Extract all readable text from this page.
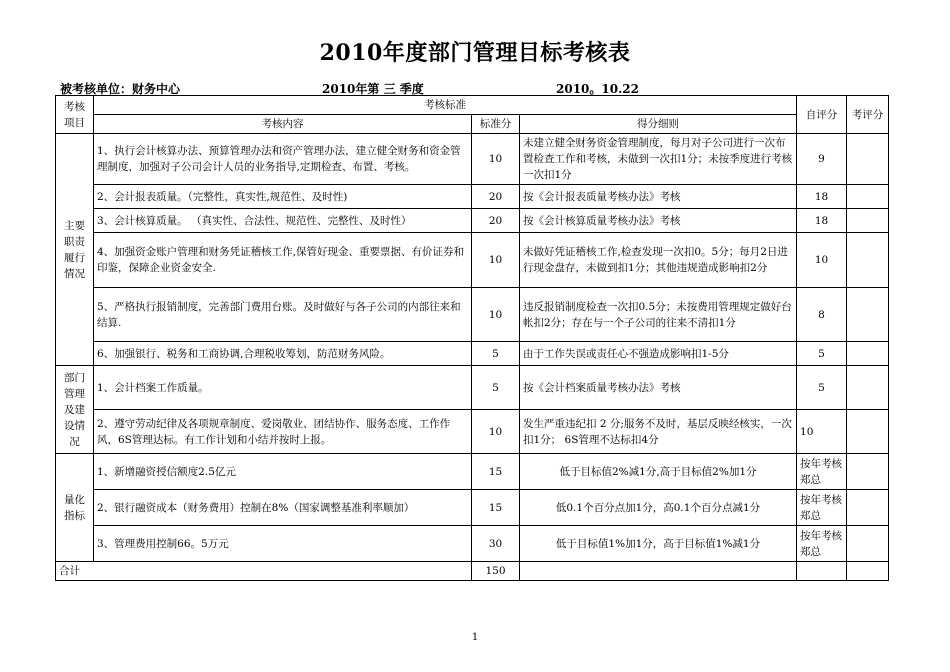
2010年度部门管理目标考核表
被考核单位：财务中心	2010年第 三 季度	2010。10.22
考核
项目	考核标准			自评分	考评分
	考核内容	标准分	得分细则		
主要
职责
履行
情况	1、执行会计核算办法、预算管理办法和资产管理办法，建立健全财务和资金管理制度，加强对子公司会计人员的业务指导,定期检查、布置、考核。	10	未建立健全财务资金管理制度，每月对子公司进行一次布置检查工作和考核，未做到一次扣1分；未按季度进行考核一次扣1分	9	
	2、会计报表质量。（完整性，真实性,规范性、及时性)	20	按《会计报表质量考核办法》考核	18	
	3、会计核算质量。 （真实性、合法性、规范性、完整性、及时性）	20	按《会计核算质量考核办法》考核	18	
	4、加强资金账户管理和财务凭证稽核工作,保管好现金、重要票据、有价证券和印鉴，保障企业资金安全.	10	未做好凭证稽核工作,检查发现一次扣0。5分；每月2日进行现金盘存，未做到扣1分；其他违规造成影响扣2分	10	
	5、严格执行报销制度，完善部门费用台账。及时做好与各子公司的内部往来和结算.	10	违反报销制度检查一次扣0.5分；未按费用管理规定做好台帐扣2分；存在与一个子公司的往来不清扣1分	8	
	6、加强银行、税务和工商协调,合理税收筹划，防范财务风险。	5	由于工作失误或责任心不强造成影响扣1-5分	5	
部门
管理
及建
设情
况	1、会计档案工作质量。	5	按《会计档案质量考核办法》考核	5	
	2、遵守劳动纪律及各项规章制度、爱岗敬业、团结协作、服务态度、工作作风，6S管理达标。有工作计划和小结并按时上报。	10	发生严重违纪扣 2 分;服务不及时，基层反映经核实，一次扣1分； 6S管理不达标扣4分	10	
量化
指标	1、新增融资授信额度2.5亿元	15	低于目标值2%减1分,高于目标值2%加1分	按年考核郑总	
	2、银行融资成本（财务费用）控制在8%（国家调整基准利率顺加）	15	低0.1个百分点加1分，高0.1个百分点减1分	按年考核郑总	
	3、管理费用控制66。5万元	30	低于目标值1%加1分，高于目标值1%减1分	按年考核郑总	
合计		150			
1
